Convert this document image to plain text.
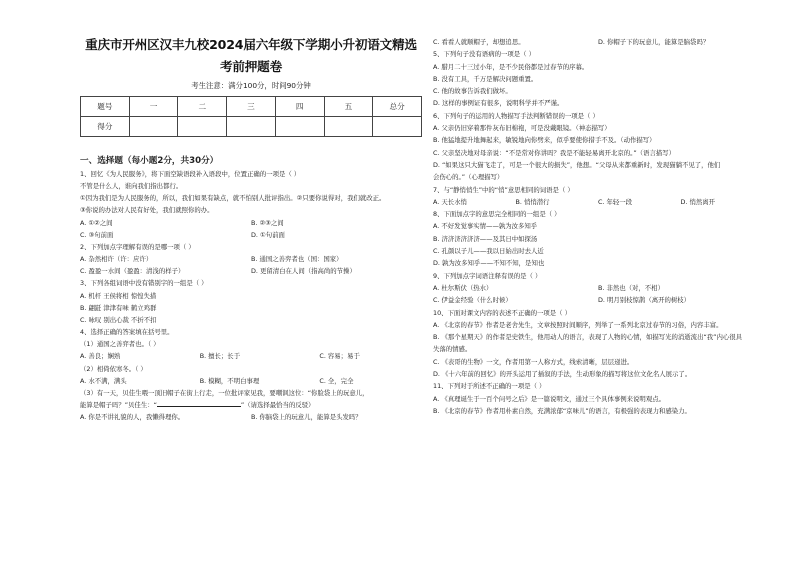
重庆市开州区汉丰九校2024届六年级下学期小升初语文精选
考前押题卷
考生注意：满分100分，时间90分钟
题号	一	二	三	四	五	总分
得分						
一、选择题（每小题2分，共30分）
1、回忆《为人民服务》，将下面空缺语段补入语段中，位置正确的一项是（ ）
不管是什么人，谁向我们指出都行。
①因为我们是为人民服务的，所以，我们如果有缺点，就不怕别人批评指出。②只要你说得对，我们就改正。
③你说的办法对人民有好处，我们就照你的办。
A. ①②之间	B. ②③之间
C. ③句前面	D. ①句前面
2、下列加点字理解有误的是哪一项（ ）
A. 杂然相许（许：应许）	B. 通国之善弈者也（国：国家）
C. 盈盈一水间（盈盈：清浅的样子）	D. 更留清白在人间（指高尚的节操）
3、下列各组词语中没有错别字的一组是（ ）
A. 机杆 王侯将相 惊惶失措
B. 翩跹 津津有味 鹤立鸡群
C. 咏叹 别出心裁 不折不扣
4、选择正确的答案填在括号里。
（1）通国之善弈者也。（ ）
A. 善良；娴熟	B. 擅长；长于	C. 容易；易于
（2）相倚依寒冬。（ ）
A. 水不满，满头	B. 模糊，不明白事理	C. 全，完全
（3）有一天，贝佳生喂一顶旧帽子在街上行走，一位批评家见我，要嘲讽这位：“你脸袋上的玩意儿，
能算是帽子吗？”贝佳生：“	”（请选择最恰当的反驳）
A. 你是不讲礼貌的人，我懒得理你。	B. 你脑袋上的玩意儿，能算是头发吗？
C. 看看人就顺帽子，却想追思。	D. 你帽子下的玩意儿，能算是脑袋吗？
5、下列句子没有语病的一项是（ ）
A. 腊月二十三过小年，是不少民俗都是过春节的序幕。
B. 没有工具，千万是解决问题重置。
C. 他的故事告诉我们做坏。
D. 这样的事例证有很多，说明科学并不严谨。
6、下列句子的运用的人物描写手法判断错误的一项是（ ）
A. 父亲仍旧穿着那件灰布旧棉袍，可是没戴眼镜。（神态描写）
B. 他猛地提升地舞起来，敏锐地向你劈来，似乎要使你措手不及。（动作描写）
C. 父亲坚决地对母亲说：“不是常对你讲吗？我是不能轻易离开北京的。”（语言描写）
D. “如果这只大猫飞走了，可是一个很大的损失”，他想。“父母从来都重新时，发现猫躺不见了，他们
会伤心的。”（心理描写）
7、与“静悄悄生”中的“悄”意思相同的词语是（ ）
A. 天长水悄	B. 悄悄潜行	C. 年轻一段	D. 悄然离开
8、下面加点字的意思完全相同的一组是（ ）
A. 不好发觉事实情——孰为汝多知乎
B. 济济济济济济——及其日中如探汤
C. 孔颜以子儿——我以日始出时去人近
D. 孰为汝多知乎——不知不知，是知也
9、下列加点字词语注释有误的是（ ）
A. 杜尔斯伏（热水）	B. 非然也（对，不相）
C. 伊益金经验（什么时候）	D. 明月别枝惊鹊（离开的树枝）
10、下面对课文内容的表述不正确的一项是（ ）
A. 《北京的春节》作者是老舍先生，文章按照时间顺序，列举了一系列北京过春节的习俗，内容丰富。
B. 《那个星期天》的作者是史铁生，他用动人的语言，表现了人物的心情，如描写光的消逝流出“我”内心很具
失落的情感。
C. 《表哥的生物》一文，作者用第一人称方式，线索清晰，层层递进。
D. 《十六年前的回忆》的开头运用了插叙的手法，生动形象的描写将这位文化名人展示了。
11、下列对于所述不正确的一项是（ ）
A. 《真理诞生于一百个问号之后》是一篇说明文，通过三个具体事例来说明观点。
B. 《北京的春节》作者用朴素自然，充满浓郁“京味儿”的语言，有极强的表现力和感染力。
